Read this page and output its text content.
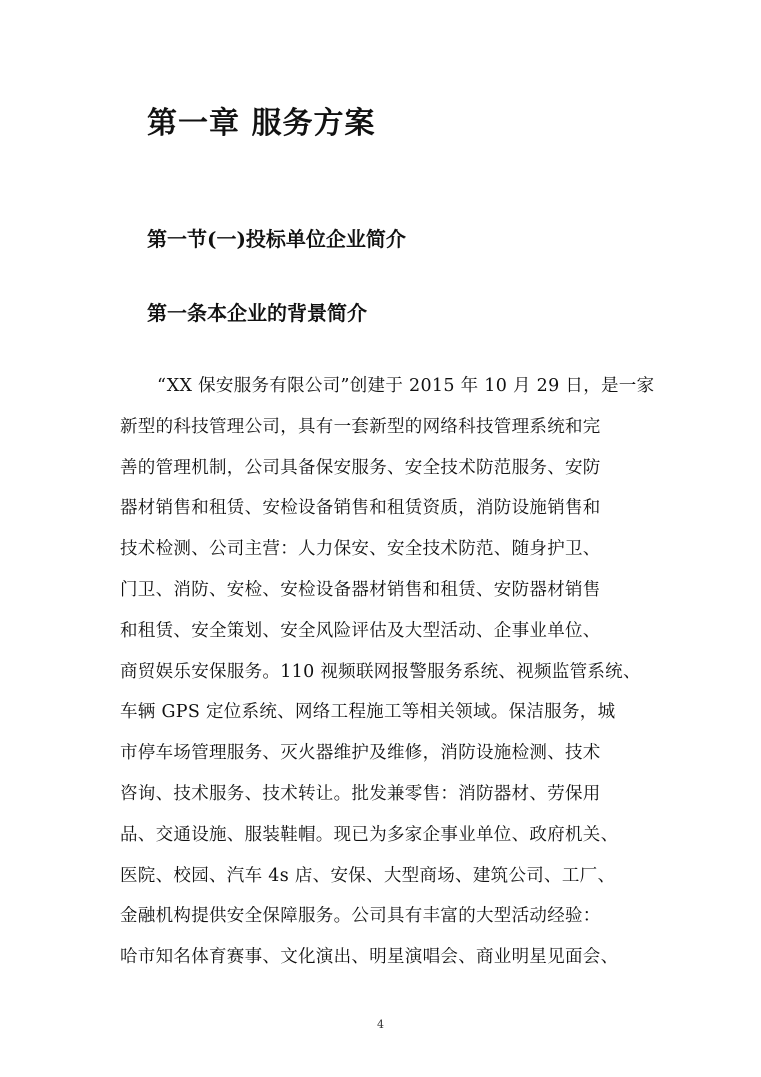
第一章 服务方案
第一节(一)投标单位企业简介
第一条本企业的背景简介
“XX 保安服务有限公司”创建于 2015 年 10 月 29 日，是一家
新型的科技管理公司，具有一套新型的网络科技管理系统和完
善的管理机制，公司具备保安服务、安全技术防范服务、安防
器材销售和租赁、安检设备销售和租赁资质，消防设施销售和
技术检测、公司主营：人力保安、安全技术防范、随身护卫、
门卫、消防、安检、安检设备器材销售和租赁、安防器材销售
和租赁、安全策划、安全风险评估及大型活动、企事业单位、
商贸娱乐安保服务。110 视频联网报警服务系统、视频监管系统、
车辆 GPS 定位系统、网络工程施工等相关领域。保洁服务，城
市停车场管理服务、灭火器维护及维修，消防设施检测、技术
咨询、技术服务、技术转让。批发兼零售：消防器材、劳保用
品、交通设施、服装鞋帽。现已为多家企事业单位、政府机关、
医院、校园、汽车 4s 店、安保、大型商场、建筑公司、工厂、
金融机构提供安全保障服务。公司具有丰富的大型活动经验：
哈市知名体育赛事、文化演出、明星演唱会、商业明星见面会、
4
